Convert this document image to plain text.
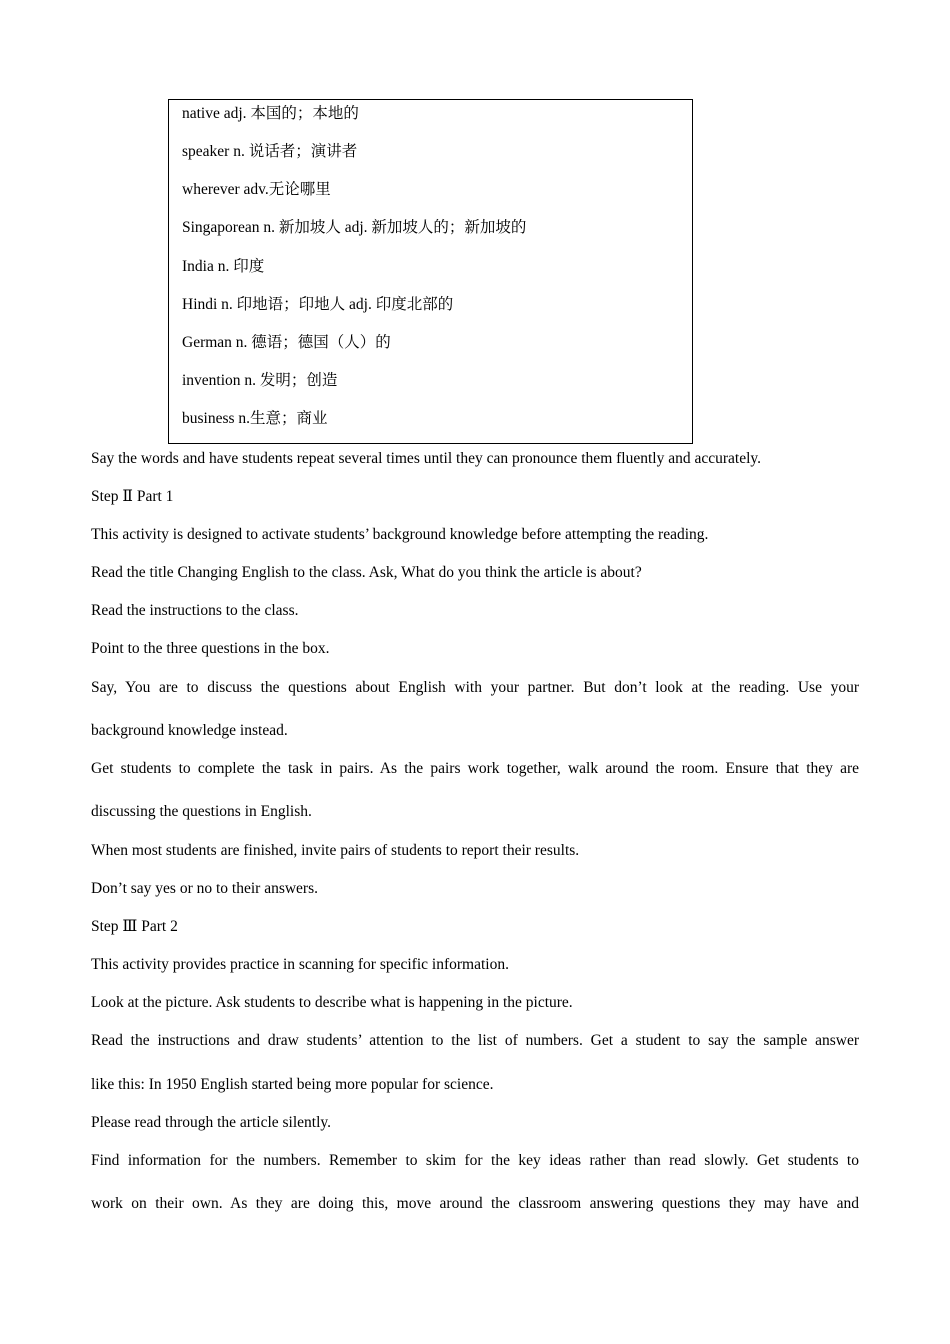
native adj. 本国的；本地的
speaker n. 说话者；演讲者
wherever adv.无论哪里
Singaporean n. 新加坡人 adj. 新加坡人的；新加坡的
India n. 印度
Hindi n. 印地语；印地人 adj. 印度北部的
German n. 德语；德国（人）的
invention n. 发明；创造
business n.生意；商业
Say the words and have students repeat several times until they can pronounce them fluently and accurately.
Step Ⅱ Part 1
This activity is designed to activate students’ background knowledge before attempting the reading.
Read the title Changing English to the class. Ask, What do you think the article is about?
Read the instructions to the class.
Point to the three questions in the box.
Say, You are to discuss the questions about English with your partner. But don’t look at the reading. Use your
background knowledge instead.
Get students to complete the task in pairs. As the pairs work together, walk around the room. Ensure that they are
discussing the questions in English.
When most students are finished, invite pairs of students to report their results.
Don’t say yes or no to their answers.
Step Ⅲ Part 2
This activity provides practice in scanning for specific information.
Look at the picture. Ask students to describe what is happening in the picture.
Read the instructions and draw students’ attention to the list of numbers. Get a student to say the sample answer
like this: In 1950 English started being more popular for science.
Please read through the article silently.
Find information for the numbers. Remember to skim for the key ideas rather than read slowly. Get students to
work on their own. As they are doing this, move around the classroom answering questions they may have and
